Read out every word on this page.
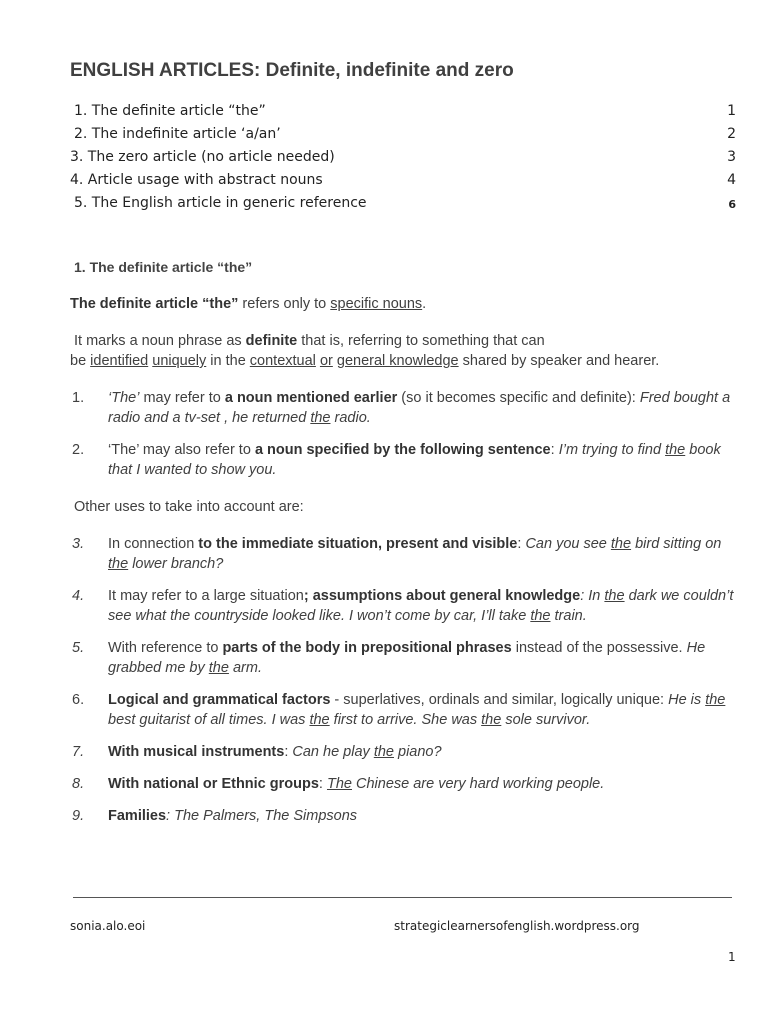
ENGLISH ARTICLES: Definite, indefinite and zero
1. The definite article “the”	1
2. The indefinite article ‘a/an’	2
3. The zero article (no article needed)	3
4. Article usage with abstract nouns	4
5. The English article in generic reference	6
1. The definite article “the”
The definite article “the” refers only to specific nouns.
It marks a noun phrase as definite that is, referring to something that can
be identified uniquely in the contextual or general knowledge shared by speaker and hearer.
1.	‘The’ may refer to a noun mentioned earlier (so it becomes specific and definite): Fred bought a radio and a tv-set , he returned the radio.
2.	‘The’ may also refer to a noun specified by the following sentence: I’m trying to find the book that I wanted to show you.
Other uses to take into account are:
3.	In connection to the immediate situation, present and visible: Can you see the bird sitting on the lower branch?
4.	It may refer to a large situation; assumptions about general knowledge: In the dark we couldn’t see what the countryside looked like. I won’t come by car, I’ll take the train.
5.	With reference to parts of the body in prepositional phrases instead of the possessive. He grabbed me by the arm.
6.	Logical and grammatical factors - superlatives, ordinals and similar, logically unique: He is the best guitarist of all times. I was the first to arrive. She was the sole survivor.
7.	With musical instruments: Can he play the piano?
8.	With national or Ethnic groups: The Chinese are very hard working people.
9.	Families: The Palmers, The Simpsons
sonia.alo.eoi	strategiclearnersofenglish.wordpress.org
1
